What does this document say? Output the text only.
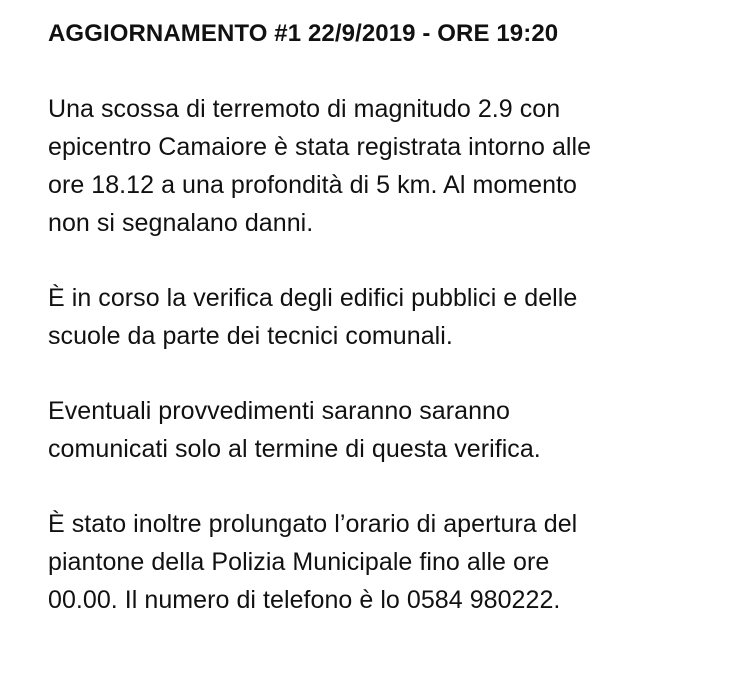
AGGIORNAMENTO #1 22/9/2019 - ORE 19:20
Una scossa di terremoto di magnitudo 2.9 con
epicentro Camaiore è stata registrata intorno alle
ore 18.12 a una profondità di 5 km. Al momento
non si segnalano danni.
È in corso la verifica degli edifici pubblici e delle
scuole da parte dei tecnici comunali.
Eventuali provvedimenti saranno saranno
comunicati solo al termine di questa verifica.
È stato inoltre prolungato l’orario di apertura del
piantone della Polizia Municipale fino alle ore
00.00. Il numero di telefono è lo 0584 980222.
